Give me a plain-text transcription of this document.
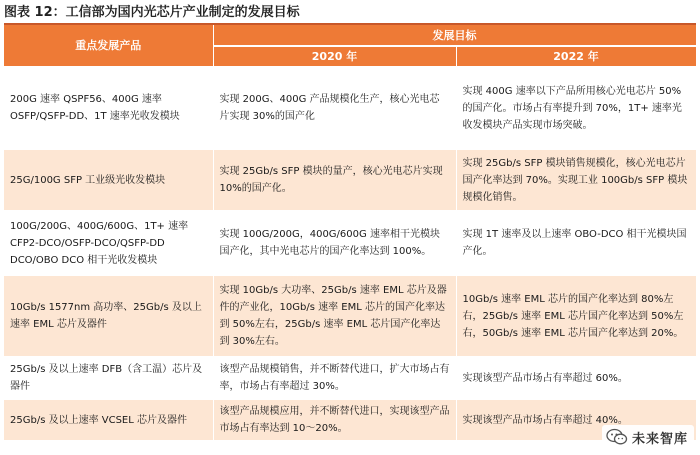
图表 12：工信部为国内光芯片产业制定的发展目标
重点发展产品	发展目标	
	2020 年	2022 年
200G 速率 QSPF56、400G 速率 OSFP/QSFP-DD、1T 速率光收发模块	实现 200G、400G 产品规模化生产，核心光电芯片实现 30%的国产化	实现 400G 速率以下产品所用核心光电芯片 50%的国产化。市场占有率提升到 70%，1T+ 速率光收发模块产品实现市场突破。
25G/100G SFP 工业级光收发模块	实现 25Gb/s SFP 模块的量产，核心光电芯片实现 10%的国产化。	实现 25Gb/s SFP 模块销售规模化，核心光电芯片国产化率达到 70%。实现工业 100Gb/s SFP 模块规模化销售。
100G/200G、400G/600G、1T+ 速率 CFP2-DCO/OSFP-DCO/QSFP-DD DCO/OBO DCO 相干光收发模块	实现 100G/200G，400G/600G 速率相干光模块国产化，其中光电芯片的国产化率达到 100%。	实现 1T 速率及以上速率 OBO-DCO 相干光模块国产化。
10Gb/s 1577nm 高功率、25Gb/s 及以上速率 EML 芯片及器件	实现 10Gb/s 大功率、25Gb/s 速率 EML 芯片及器件的产业化，10Gb/s 速率 EML 芯片的国产化率达到 50%左右，25Gb/s 速率 EML 芯片国产化率达到 30%左右。	10Gb/s 速率 EML 芯片的国产化率达到 80%左右，25Gb/s 速率 EML 芯片国产化率达到 50%左右，50Gb/s 速率 EML 芯片国产化率达到 20%。
25Gb/s 及以上速率 DFB（含工温）芯片及器件	该型产品规模销售，并不断替代进口，扩大市场占有率，市场占有率超过 30%。	实现该型产品市场占有率超过 60%。
25Gb/s 及以上速率 VCSEL 芯片及器件	该型产品规模应用，并不断替代进口，实现该型产品市场占有率达到 10～20%。	实现该型产品市场占有率超过 40%。
未来智库
